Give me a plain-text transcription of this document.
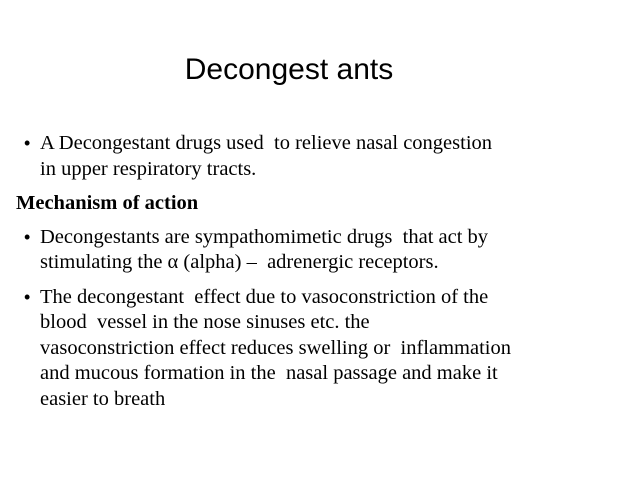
Decongest ants
• A Decongestant drugs used  to relieve nasal congestion
in upper respiratory tracts.
Mechanism of action
• Decongestants are sympathomimetic drugs  that act by
stimulating the α (alpha) –  adrenergic receptors.
• The decongestant  effect due to vasoconstriction of the
blood  vessel in the nose sinuses etc. the
vasoconstriction effect reduces swelling or  inflammation
and mucous formation in the  nasal passage and make it
easier to breath
